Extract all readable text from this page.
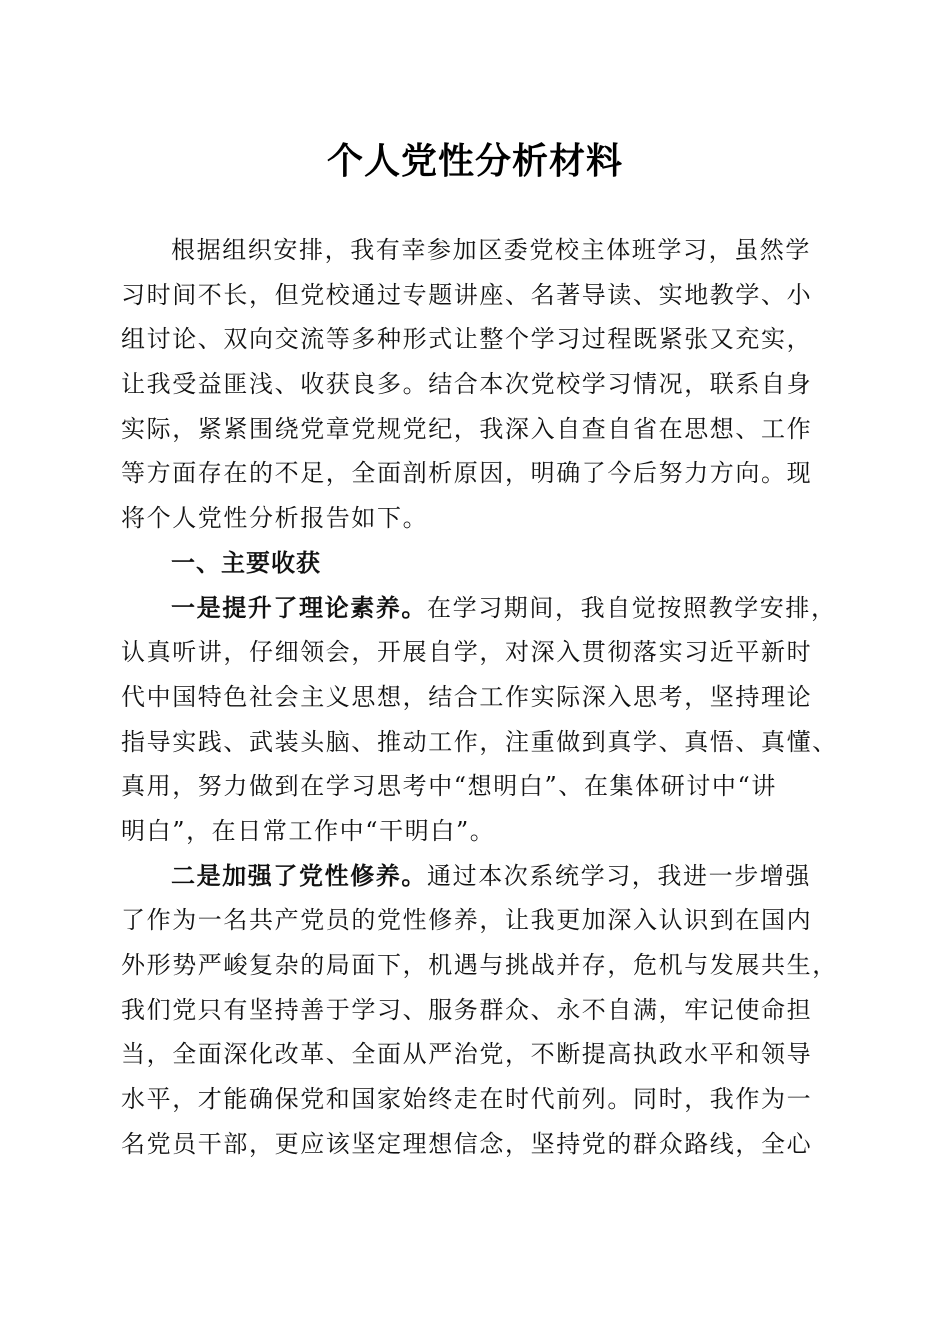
个人党性分析材料
根据组织安排，我有幸参加区委党校主体班学习，虽然学
习时间不长，但党校通过专题讲座、名著导读、实地教学、小
组讨论、双向交流等多种形式让整个学习过程既紧张又充实，
让我受益匪浅、收获良多。结合本次党校学习情况，联系自身
实际，紧紧围绕党章党规党纪，我深入自查自省在思想、工作
等方面存在的不足，全面剖析原因，明确了今后努力方向。现
将个人党性分析报告如下。
一、主要收获
一是提升了理论素养。在学习期间，我自觉按照教学安排，
认真听讲，仔细领会，开展自学，对深入贯彻落实习近平新时
代中国特色社会主义思想，结合工作实际深入思考，坚持理论
指导实践、武装头脑、推动工作，注重做到真学、真悟、真懂、
真用，努力做到在学习思考中“想明白”、在集体研讨中“讲
明白”，在日常工作中“干明白”。
二是加强了党性修养。通过本次系统学习，我进一步增强
了作为一名共产党员的党性修养，让我更加深入认识到在国内
外形势严峻复杂的局面下，机遇与挑战并存，危机与发展共生，
我们党只有坚持善于学习、服务群众、永不自满，牢记使命担
当，全面深化改革、全面从严治党，不断提高执政水平和领导
水平，才能确保党和国家始终走在时代前列。同时，我作为一
名党员干部，更应该坚定理想信念，坚持党的群众路线，全心
